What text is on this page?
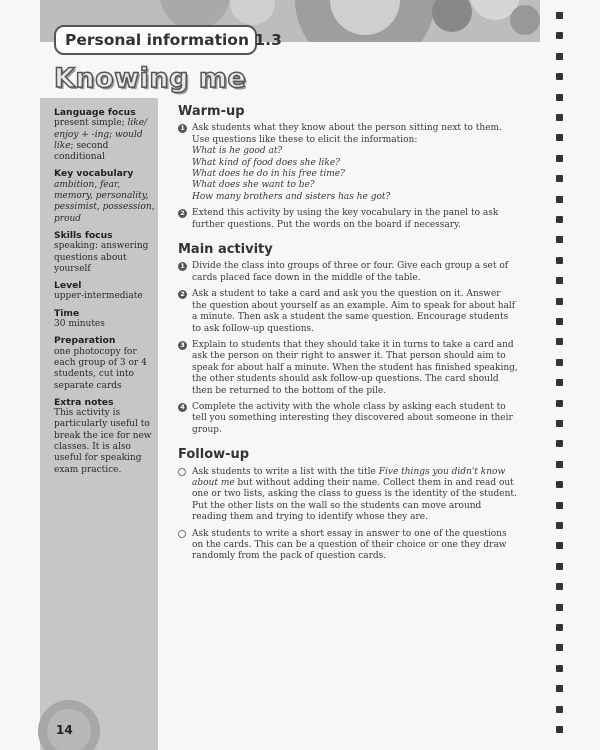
Personal information 1.3
Knowing me
Language focus
present simple; like/ enjoy + -ing; would like; second conditional
Key vocabulary
ambition, fear, memory, personality, pessimist, possession, proud
Skills focus
speaking: answering questions about yourself
Level
upper-intermediate
Time
30 minutes
Preparation
one photocopy for each group of 3 or 4 students, cut into separate cards
Extra notes
This activity is particularly useful to break the ice for new classes. It is also useful for speaking exam practice.
14
Warm-up
1 Ask students what they know about the person sitting next to them. Use questions like these to elicit the information:
What is he good at?
What kind of food does she like?
What does he do in his free time?
What does she want to be?
How many brothers and sisters has he got?
2 Extend this activity by using the key vocabulary in the panel to ask further questions. Put the words on the board if necessary.
Main activity
1 Divide the class into groups of three or four. Give each group a set of cards placed face down in the middle of the table.
2 Ask a student to take a card and ask you the question on it. Answer the question about yourself as an example. Aim to speak for about half a minute. Then ask a student the same question. Encourage students to ask follow-up questions.
3 Explain to students that they should take it in turns to take a card and ask the person on their right to answer it. That person should aim to speak for about half a minute. When the student has finished speaking, the other students should ask follow-up questions. The card should then be returned to the bottom of the pile.
4 Complete the activity with the whole class by asking each student to tell you something interesting they discovered about someone in their group.
Follow-up
Ask students to write a list with the title Five things you didn't know about me but without adding their name. Collect them in and read out one or two lists, asking the class to guess is the identity of the student. Put the other lists on the wall so the students can move around reading them and trying to identify whose they are.
Ask students to write a short essay in answer to one of the questions on the cards. This can be a question of their choice or one they draw randomly from the pack of question cards.
